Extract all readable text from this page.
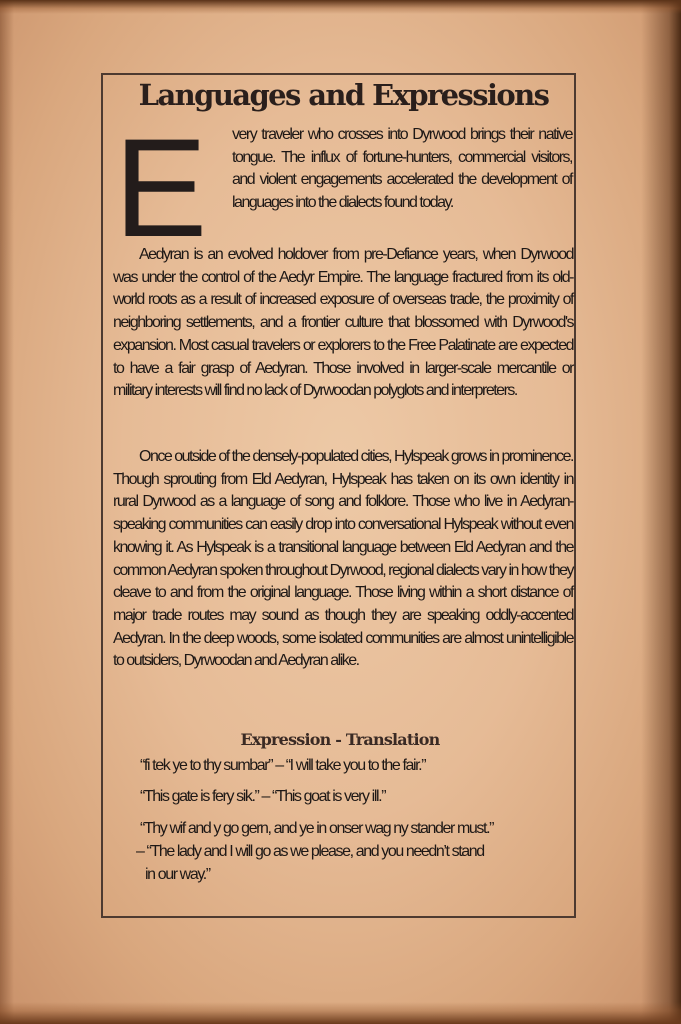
Languages and Expressions
E very traveler who crosses into Dyrwood brings their native tongue. The influx of fortune-hunters, commercial visitors, and violent engagements accelerated the development of languages into the dialects found today.

Aedyran is an evolved holdover from pre-Defiance years, when Dyrwood was under the control of the Aedyr Empire. The language fractured from its old-world roots as a result of increased exposure of overseas trade, the proximity of neighboring settlements, and a frontier culture that blossomed with Dyrwood's expansion. Most casual travelers or explorers to the Free Palatinate are expected to have a fair grasp of Aedyran. Those involved in larger-scale mercantile or military interests will find no lack of Dyrwoodan polyglots and interpreters.

Once outside of the densely-populated cities, Hylspeak grows in prominence. Though sprouting from Eld Aedyran, Hylspeak has taken on its own identity in rural Dyrwood as a language of song and folklore. Those who live in Aedyran-speaking communities can easily drop into conversational Hylspeak without even knowing it. As Hylspeak is a transitional language between Eld Aedyran and the common Aedyran spoken throughout Dyrwood, regional dialects vary in how they cleave to and from the original language. Those living within a short distance of major trade routes may sound as though they are speaking oddly-accented Aedyran. In the deep woods, some isolated communities are almost unintelligible to outsiders, Dyrwoodan and Aedyran alike.

Expression - Translation

“fi tek ye to thy sumbar” – “I will take you to the fair.”

“This gate is fery sik.” – “This goat is very ill.”

“Thy wif and y go gern, and ye in onser wag ny stander must.”

– “The lady and I will go as we please, and you needn’t stand

in our way.”
